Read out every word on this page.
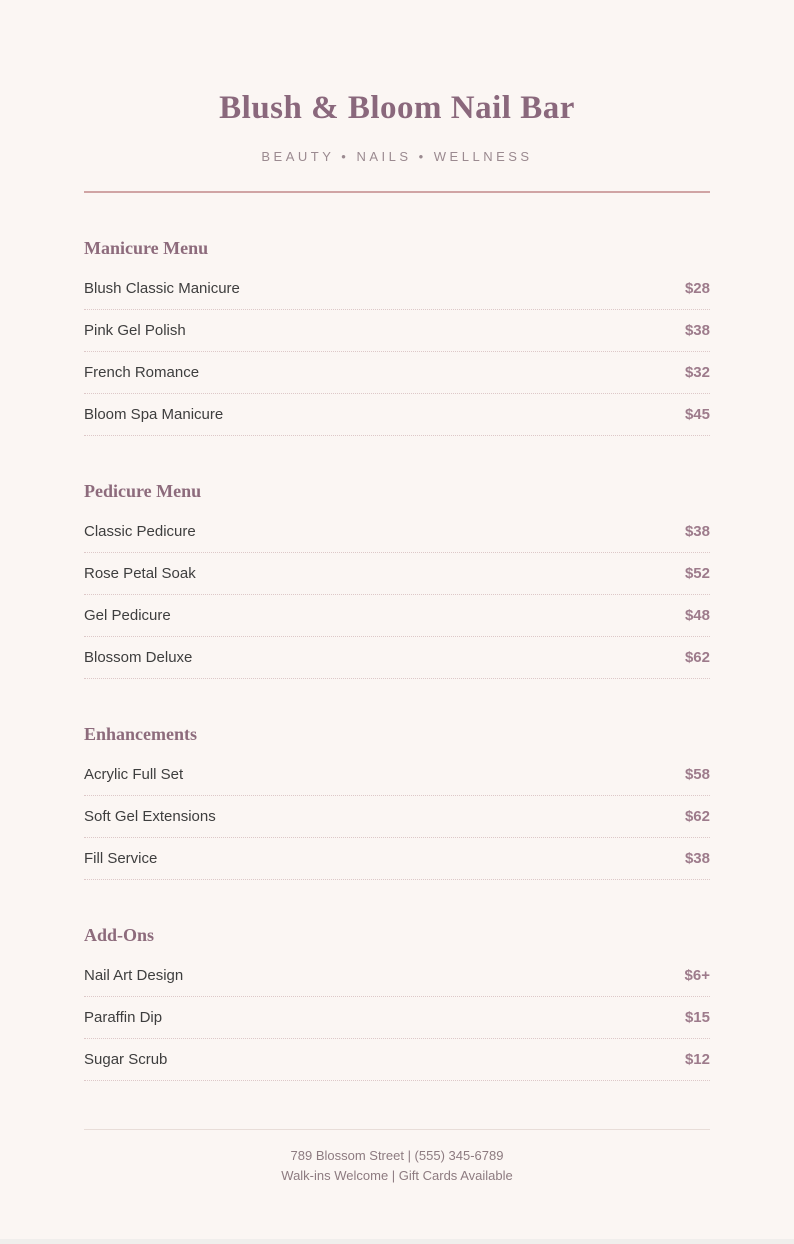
Blush & Bloom Nail Bar
BEAUTY • NAILS • WELLNESS
Manicure Menu
Blush Classic Manicure	$28
Pink Gel Polish	$38
French Romance	$32
Bloom Spa Manicure	$45
Pedicure Menu
Classic Pedicure	$38
Rose Petal Soak	$52
Gel Pedicure	$48
Blossom Deluxe	$62
Enhancements
Acrylic Full Set	$58
Soft Gel Extensions	$62
Fill Service	$38
Add-Ons
Nail Art Design	$6+
Paraffin Dip	$15
Sugar Scrub	$12
789 Blossom Street | (555) 345-6789
Walk-ins Welcome | Gift Cards Available
